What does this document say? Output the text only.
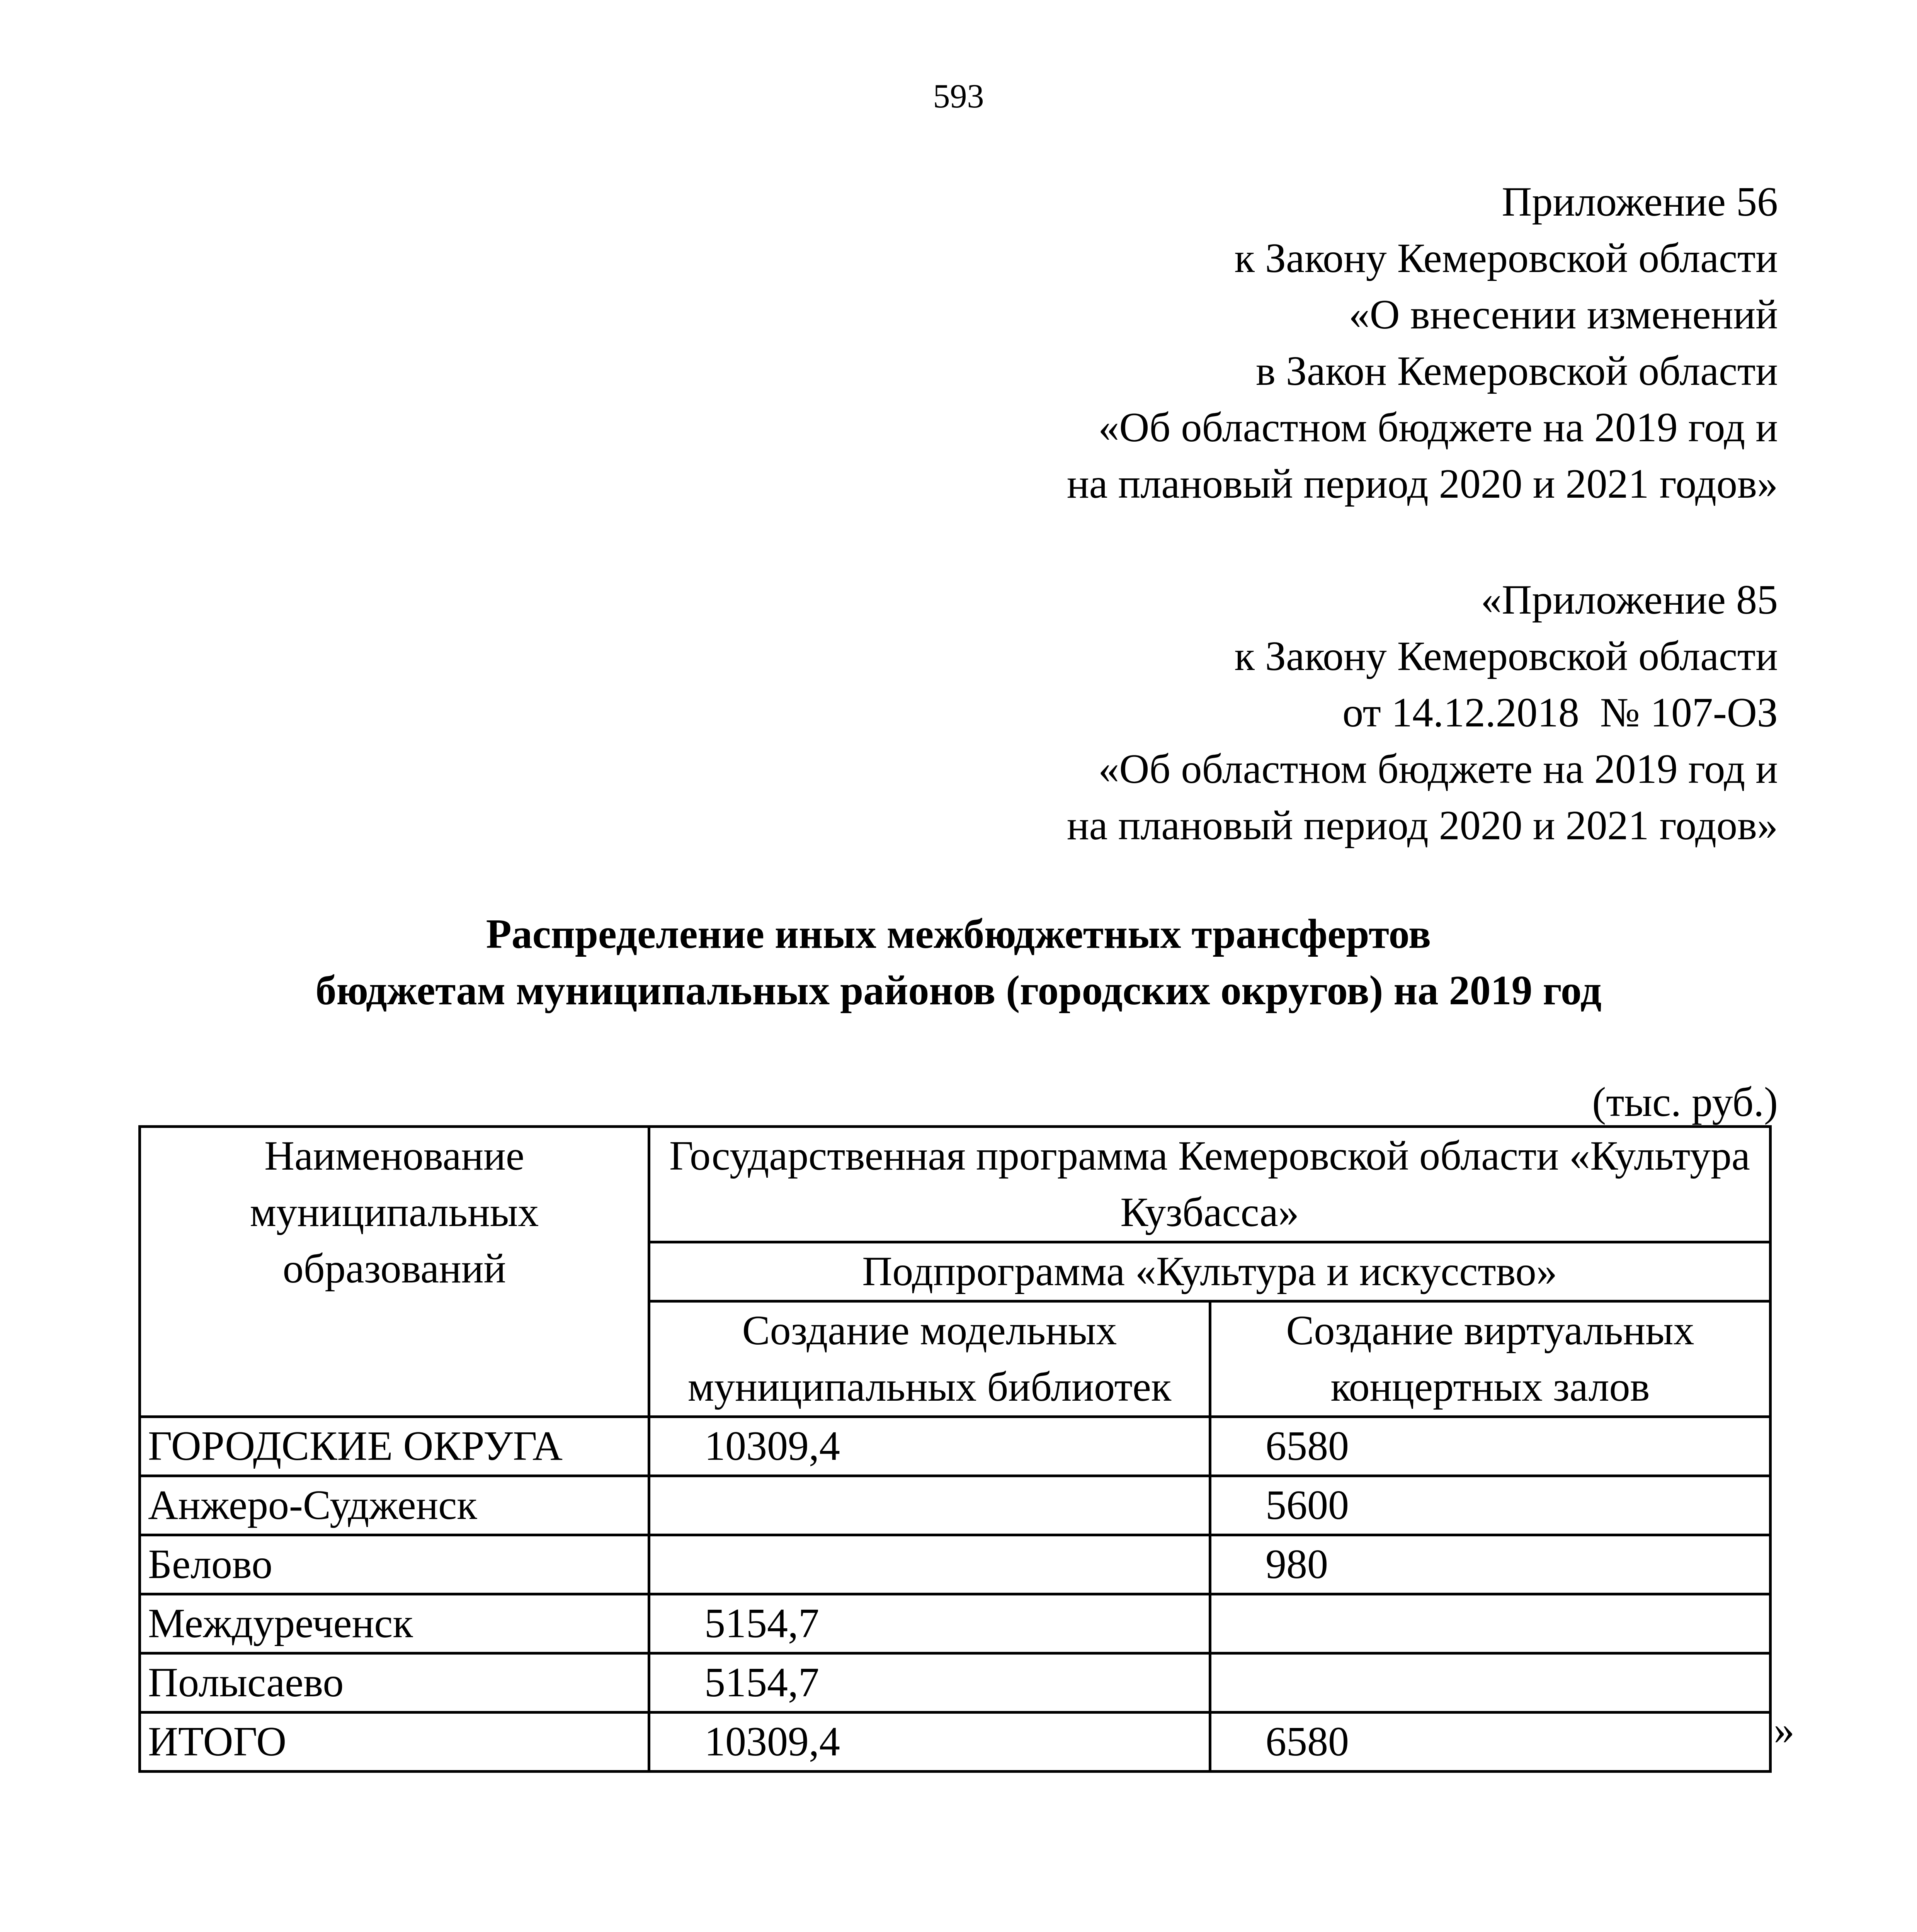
593
Приложение 56
к Закону Кемеровской области
«О внесении изменений
в Закон Кемеровской области
«Об областном бюджете на 2019 год и
на плановый период 2020 и 2021 годов»
«Приложение 85
к Закону Кемеровской области
от 14.12.2018  № 107-ОЗ
«Об областном бюджете на 2019 год и
на плановый период 2020 и 2021 годов»
Распределение иных межбюджетных трансфертов
бюджетам муниципальных районов (городских округов) на 2019 год
(тыс. руб.)
Наименование муниципальных образований	Государственная программа Кемеровской области «Культура Кузбасса»	
	Подпрограмма «Культура и искусство»	
	Создание модельных муниципальных библиотек	Создание виртуальных концертных залов
ГОРОДСКИЕ ОКРУГА	10309,4	6580
Анжеро-Судженск		5600
Белово		980
Междуреченск	5154,7	
Полысаево	5154,7	
ИТОГО	10309,4	6580	»
